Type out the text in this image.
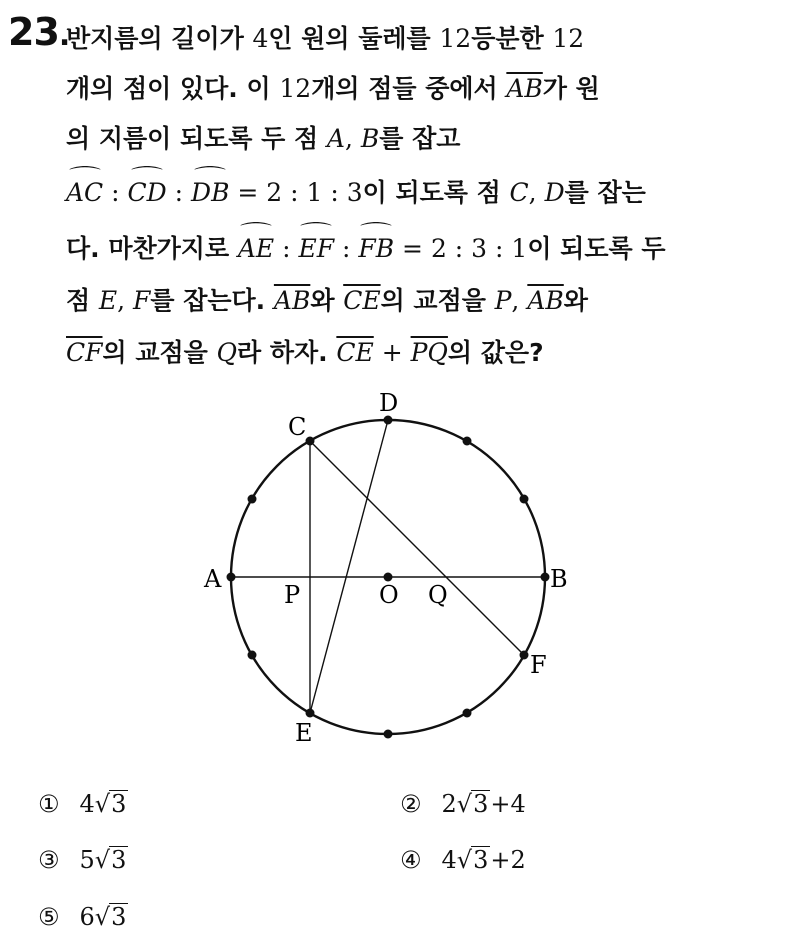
23.
반지름의 길이가 4인 원의 둘레를 12등분한 12
개의 점이 있다. 이 12개의 점들 중에서 $\overline{AB}$가 원
의 지름이 되도록 두 점 A, B를 잡고
⌒ AC : ⌒ CD : ⌒ DB = 2 : 1 : 3이 되도록 점 C, D를 잡는
다. 마찬가지로 ⌒ AE : ⌒ EF : ⌒ FB = 2 : 3 : 1이 되도록 두
점 E, F를 잡는다. $\overline{AB}$와 $\overline{CE}$의 교점을 P, $\overline{AB}$와
$\overline{CF}$의 교점을 Q라 하자. $\overline{CE} + \overline{PQ}$의 값은?
A	B
C
D
E
F
O
P	Q
① 4√3	② 2√3+4
③ 5√3	④ 4√3+2
⑤ 6√3
